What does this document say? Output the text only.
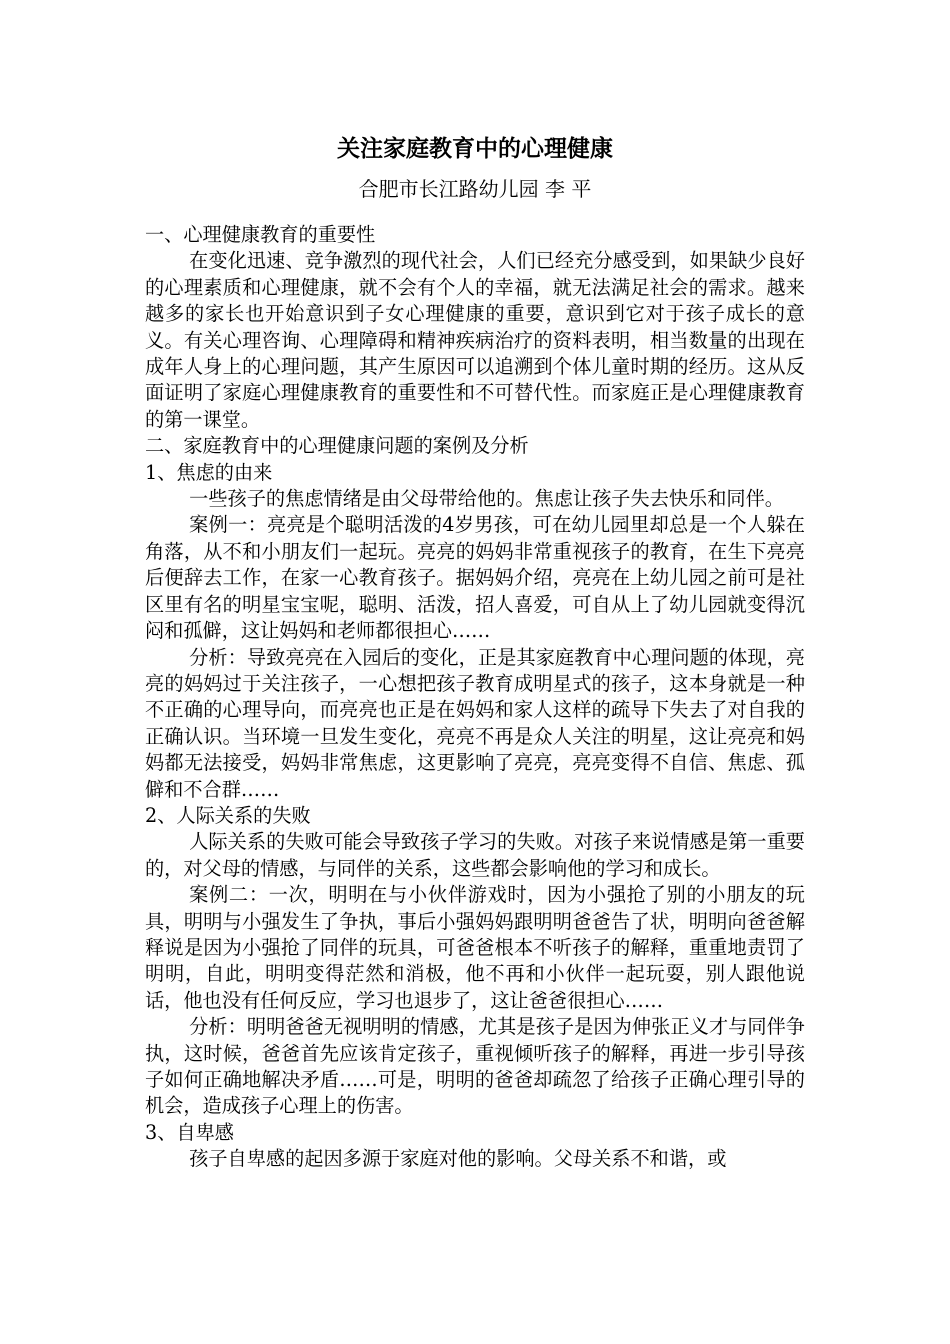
关注家庭教育中的心理健康
合肥市长江路幼儿园 李 平

一、心理健康教育的重要性

在变化迅速、竞争激烈的现代社会，人们已经充分感受到，如果缺少良好的心理素质和心理健康，就不会有个人的幸福，就无法满足社会的需求。越来越多的家长也开始意识到子女心理健康的重要，意识到它对于孩子成长的意义。有关心理咨询、心理障碍和精神疾病治疗的资料表明，相当数量的出现在成年人身上的心理问题，其产生原因可以追溯到个体儿童时期的经历。这从反面证明了家庭心理健康教育的重要性和不可替代性。而家庭正是心理健康教育的第一课堂。

二、家庭教育中的心理健康问题的案例及分析

1、焦虑的由来

一些孩子的焦虑情绪是由父母带给他的。焦虑让孩子失去快乐和同伴。

案例一：亮亮是个聪明活泼的4岁男孩，可在幼儿园里却总是一个人躲在角落，从不和小朋友们一起玩。亮亮的妈妈非常重视孩子的教育，在生下亮亮后便辞去工作，在家一心教育孩子。据妈妈介绍，亮亮在上幼儿园之前可是社区里有名的明星宝宝呢，聪明、活泼，招人喜爱，可自从上了幼儿园就变得沉闷和孤僻，这让妈妈和老师都很担心……

分析：导致亮亮在入园后的变化，正是其家庭教育中心理问题的体现，亮亮的妈妈过于关注孩子，一心想把孩子教育成明星式的孩子，这本身就是一种不正确的心理导向，而亮亮也正是在妈妈和家人这样的疏导下失去了对自我的正确认识。当环境一旦发生变化，亮亮不再是众人关注的明星，这让亮亮和妈妈都无法接受，妈妈非常焦虑，这更影响了亮亮，亮亮变得不自信、焦虑、孤僻和不合群……

2、人际关系的失败

人际关系的失败可能会导致孩子学习的失败。对孩子来说情感是第一重要的，对父母的情感，与同伴的关系，这些都会影响他的学习和成长。

案例二：一次，明明在与小伙伴游戏时，因为小强抢了别的小朋友的玩具，明明与小强发生了争执，事后小强妈妈跟明明爸爸告了状，明明向爸爸解释说是因为小强抢了同伴的玩具，可爸爸根本不听孩子的解释，重重地责罚了明明，自此，明明变得茫然和消极，他不再和小伙伴一起玩耍，别人跟他说话，他也没有任何反应，学习也退步了，这让爸爸很担心……

分析：明明爸爸无视明明的情感，尤其是孩子是因为伸张正义才与同伴争执，这时候，爸爸首先应该肯定孩子，重视倾听孩子的解释，再进一步引导孩子如何正确地解决矛盾……可是，明明的爸爸却疏忽了给孩子正确心理引导的机会，造成孩子心理上的伤害。

3、自卑感

孩子自卑感的起因多源于家庭对他的影响。父母关系不和谐，或
